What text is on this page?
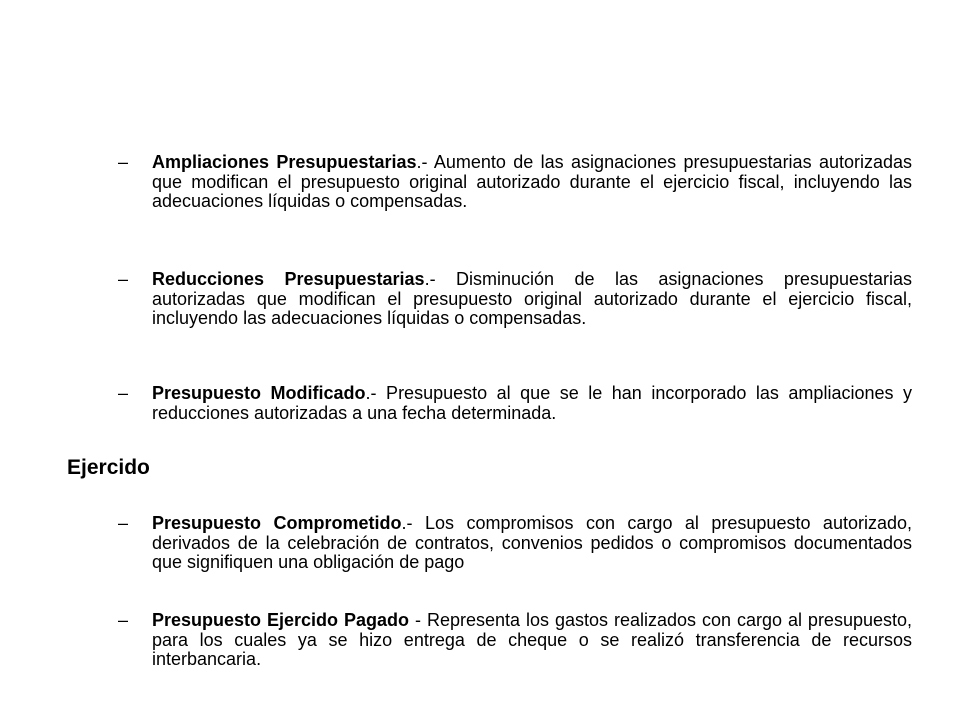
–	Ampliaciones Presupuestarias.- Aumento de las asignaciones presupuestarias autorizadas que modifican el presupuesto original autorizado durante el ejercicio fiscal, incluyendo las adecuaciones líquidas o compensadas.
–	Reducciones Presupuestarias.- Disminución de las asignaciones presupuestarias autorizadas que modifican el presupuesto original autorizado durante el ejercicio fiscal, incluyendo las adecuaciones líquidas o compensadas.
–	Presupuesto Modificado.- Presupuesto al que se le han incorporado las ampliaciones y reducciones autorizadas a una fecha determinada.
Ejercido
–	Presupuesto Comprometido.- Los compromisos con cargo al presupuesto autorizado, derivados de la celebración de contratos, convenios pedidos o compromisos documentados que signifiquen una obligación de pago
–	Presupuesto Ejercido Pagado - Representa los gastos realizados con cargo al presupuesto, para los cuales ya se hizo entrega de cheque o se realizó transferencia de recursos interbancaria.
